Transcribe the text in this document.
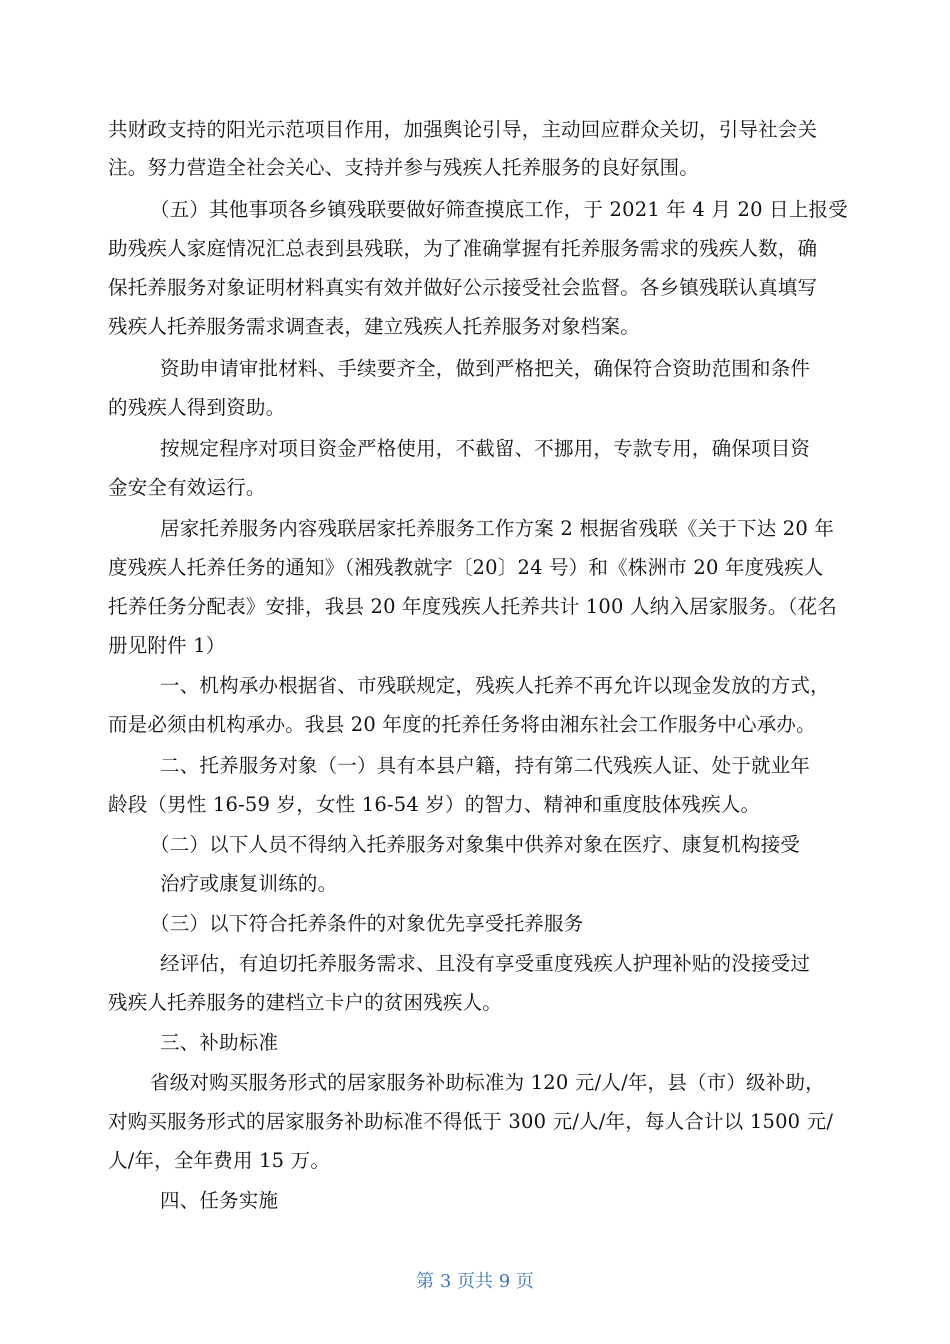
共财政支持的阳光示范项目作用，加强舆论引导，主动回应群众关切，引导社会关
注。努力营造全社会关心、支持并参与残疾人托养服务的良好氛围。
（五）其他事项各乡镇残联要做好筛查摸底工作，于 2021 年 4 月 20 日上报受
助残疾人家庭情况汇总表到县残联，为了准确掌握有托养服务需求的残疾人数，确
保托养服务对象证明材料真实有效并做好公示接受社会监督。各乡镇残联认真填写
残疾人托养服务需求调查表，建立残疾人托养服务对象档案。
资助申请审批材料、手续要齐全，做到严格把关，确保符合资助范围和条件
的残疾人得到资助。
按规定程序对项目资金严格使用，不截留、不挪用，专款专用，确保项目资
金安全有效运行。
居家托养服务内容残联居家托养服务工作方案 2 根据省残联《关于下达 20 年
度残疾人托养任务的通知》（湘残教就字〔20〕24 号）和《株洲市 20 年度残疾人
托养任务分配表》安排，我县 20 年度残疾人托养共计 100 人纳入居家服务。（花名
册见附件 1）
一、机构承办根据省、市残联规定，残疾人托养不再允许以现金发放的方式，
而是必须由机构承办。我县 20 年度的托养任务将由湘东社会工作服务中心承办。
二、托养服务对象（一）具有本县户籍，持有第二代残疾人证、处于就业年
龄段（男性 16-59 岁，女性 16-54 岁）的智力、精神和重度肢体残疾人。
（二）以下人员不得纳入托养服务对象集中供养对象在医疗、康复机构接受
治疗或康复训练的。
（三）以下符合托养条件的对象优先享受托养服务
经评估，有迫切托养服务需求、且没有享受重度残疾人护理补贴的没接受过
残疾人托养服务的建档立卡户的贫困残疾人。
三、补助标准
省级对购买服务形式的居家服务补助标准为 120 元/人/年，县（市）级补助，
对购买服务形式的居家服务补助标准不得低于 300 元/人/年，每人合计以 1500 元/
人/年，全年费用 15 万。
四、任务实施
第 3 页共 9 页
